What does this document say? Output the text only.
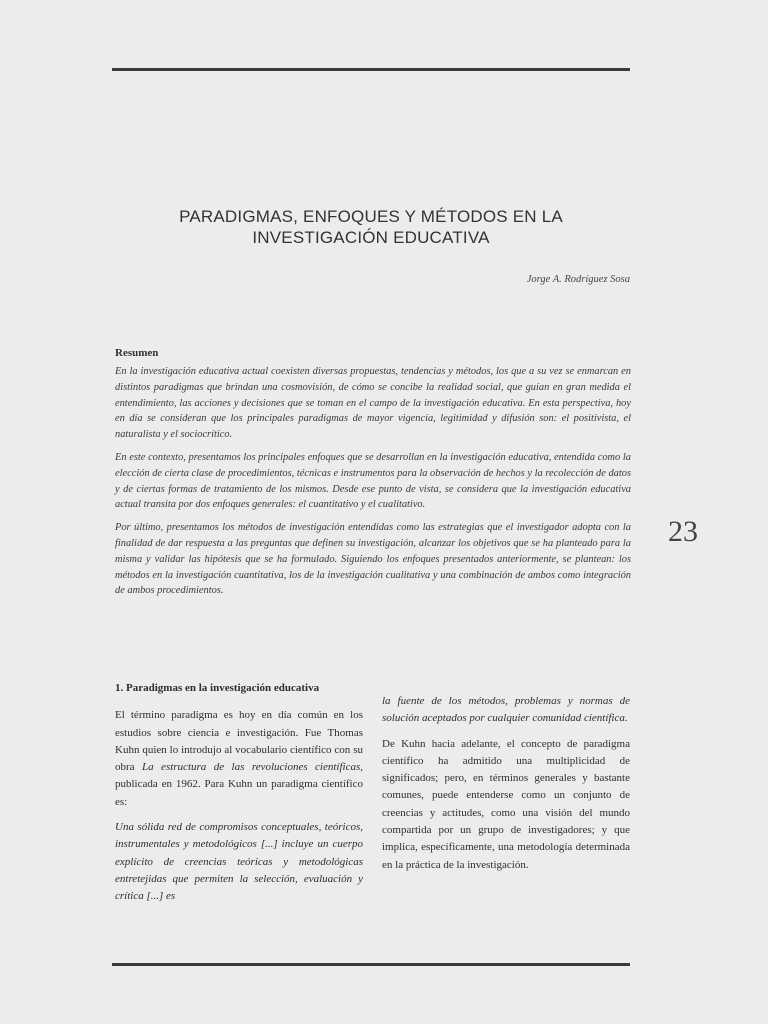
PARADIGMAS, ENFOQUES Y MÉTODOS EN LA
INVESTIGACIÓN EDUCATIVA
Jorge A. Rodríguez Sosa
Resumen

En la investigación educativa actual coexisten diversas propuestas, tendencias y métodos, los que a su vez se enmarcan en distintos paradigmas que brindan una cosmovisión, de cómo se concibe la realidad social, que guían en gran medida el entendimiento, las acciones y decisiones que se toman en el campo de la investigación educativa. En esta perspectiva, hoy en día se consideran que los principales paradigmas de mayor vigencia, legitimidad y difusión son: el positivista, el naturalista y el sociocrítico.

En este contexto, presentamos los principales enfoques que se desarrollan en la investigación educativa, entendida como la elección de cierta clase de procedimientos, técnicas e instrumentos para la observación de hechos y la recolección de datos y de ciertas formas de tratamiento de los mismos. Desde ese punto de vista, se considera que la investigación educativa actual transita por dos enfoques generales: el cuantitativo y el cualitativo.

Por último, presentamos los métodos de investigación entendidas como las estrategias que el investigador adopta con la finalidad de dar respuesta a las preguntas que definen su investigación, alcanzar los objetivos que se ha planteado para la misma y validar las hipótesis que se ha formulado. Siguiendo los enfoques presentados anteriormente, se plantean: los métodos en la investigación cuantitativa, los de la investigación cualitativa y una combinación de ambos como integración de ambos procedimientos.

23

1. Paradigmas en la investigación educativa

El término paradigma es hoy en día común en los estudios sobre ciencia e investigación. Fue Thomas Kuhn quien lo introdujo al vocabulario científico con su obra La estructura de las revoluciones científicas, publicada en 1962. Para Kuhn un paradigma científico es:

Una sólida red de compromisos conceptuales, teóricos, instrumentales y metodológicos [...] incluye un cuerpo explícito de creencias teóricas y metodológicas entretejidas que permiten la selección, evaluación y crítica [...] es

la fuente de los métodos, problemas y normas de solución aceptados por cualquier comunidad científica.

De Kuhn hacia adelante, el concepto de paradigma científico ha admitido una multiplicidad de significados; pero, en términos generales y bastante comunes, puede entenderse como un conjunto de creencias y actitudes, como una visión del mundo compartida por un grupo de investigadores; y que implica, específicamente, una metodología determinada en la práctica de la investigación.
